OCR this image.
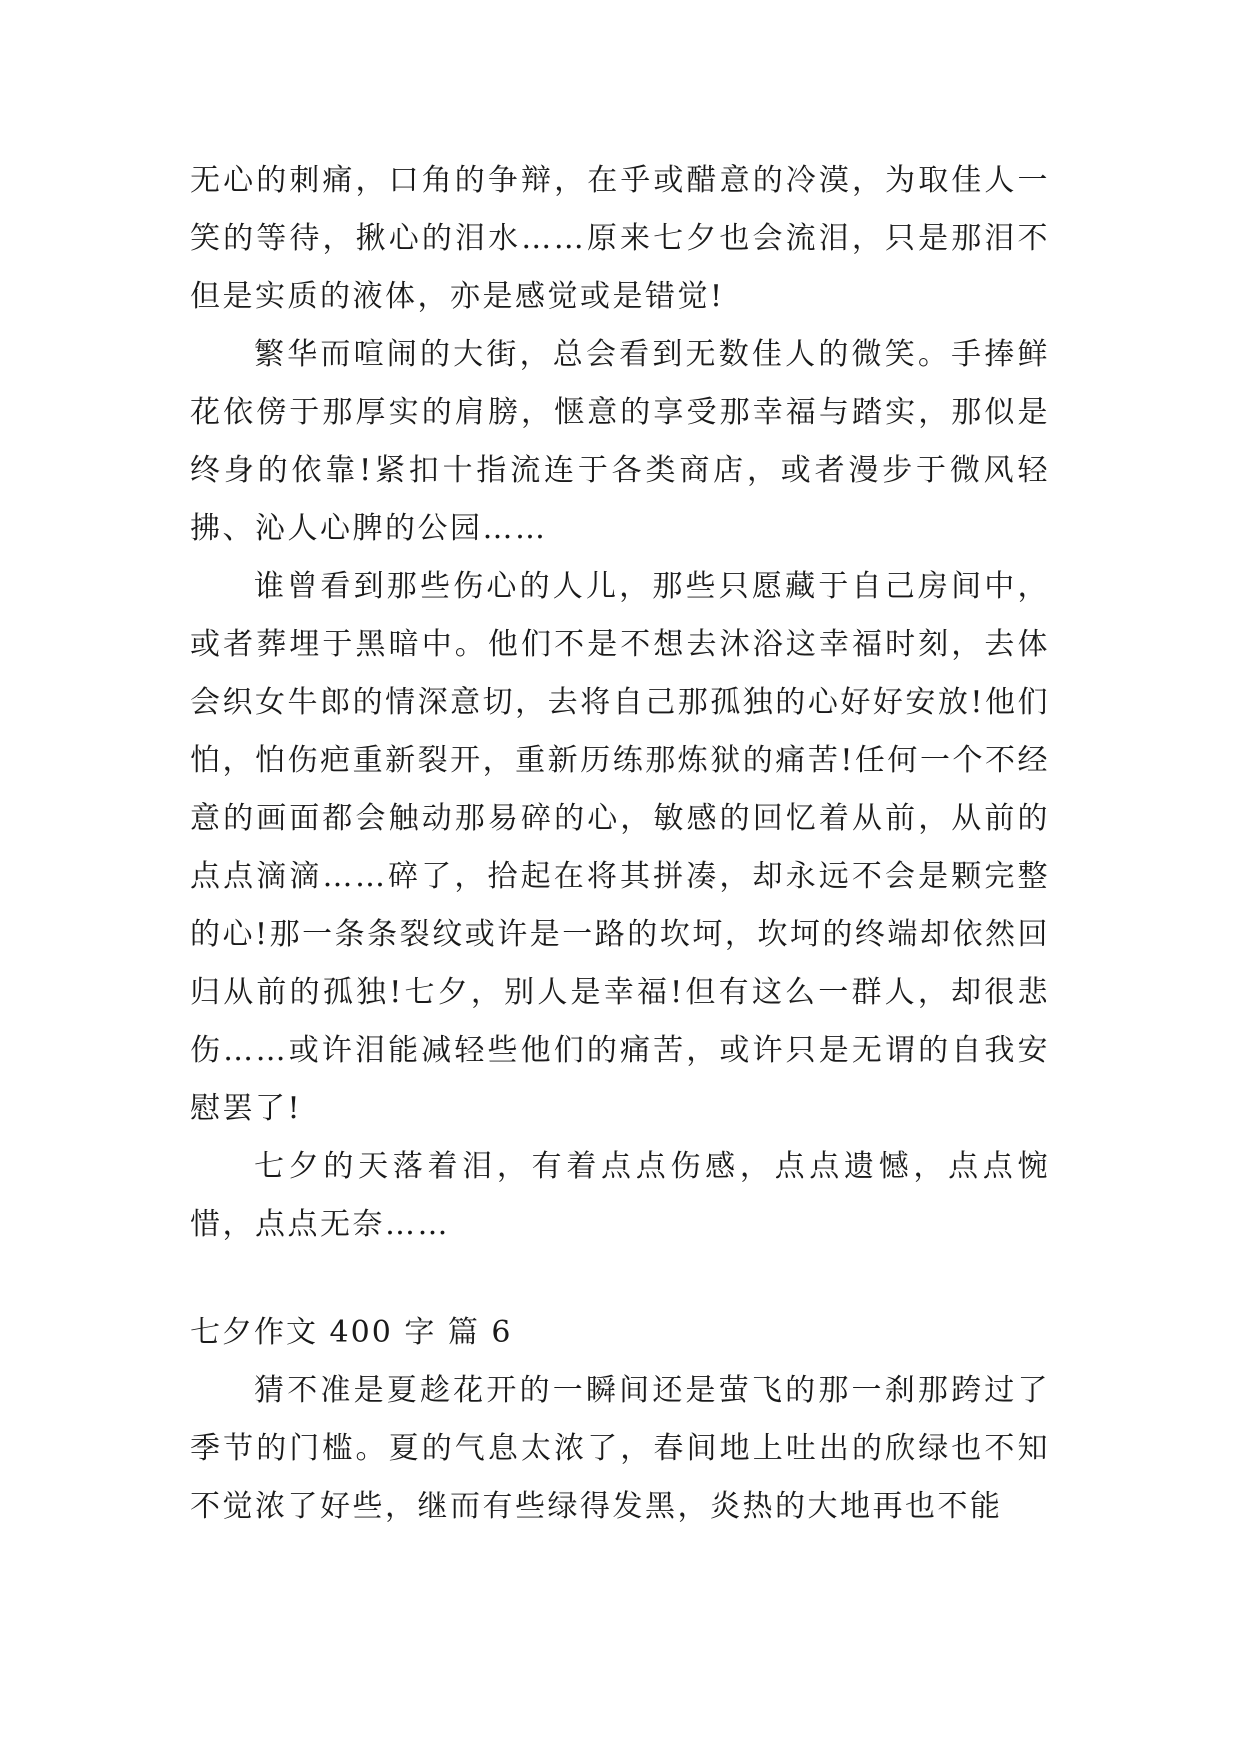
无心的刺痛，口角的争辩，在乎或醋意的冷漠，为取佳人一笑的等待，揪心的泪水……原来七夕也会流泪，只是那泪不但是实质的液体，亦是感觉或是错觉!

繁华而喧闹的大街，总会看到无数佳人的微笑。手捧鲜花依傍于那厚实的肩膀，惬意的享受那幸福与踏实，那似是终身的依靠!紧扣十指流连于各类商店，或者漫步于微风轻拂、沁人心脾的公园……

谁曾看到那些伤心的人儿，那些只愿藏于自己房间中，或者葬埋于黑暗中。他们不是不想去沐浴这幸福时刻，去体会织女牛郎的情深意切，去将自己那孤独的心好好安放!他们怕，怕伤疤重新裂开，重新历练那炼狱的痛苦!任何一个不经意的画面都会触动那易碎的心，敏感的回忆着从前，从前的点点滴滴……碎了，拾起在将其拼凑，却永远不会是颗完整的心!那一条条裂纹或许是一路的坎坷，坎坷的终端却依然回归从前的孤独!七夕，别人是幸福!但有这么一群人，却很悲伤……或许泪能减轻些他们的痛苦，或许只是无谓的自我安慰罢了!

七夕的天落着泪，有着点点伤感，点点遗憾，点点惋惜，点点无奈……

七夕作文 400 字 篇 6

猜不准是夏趁花开的一瞬间还是萤飞的那一刹那跨过了季节的门槛。夏的气息太浓了，春间地上吐出的欣绿也不知不觉浓了好些，继而有些绿得发黑，炎热的大地再也不能
